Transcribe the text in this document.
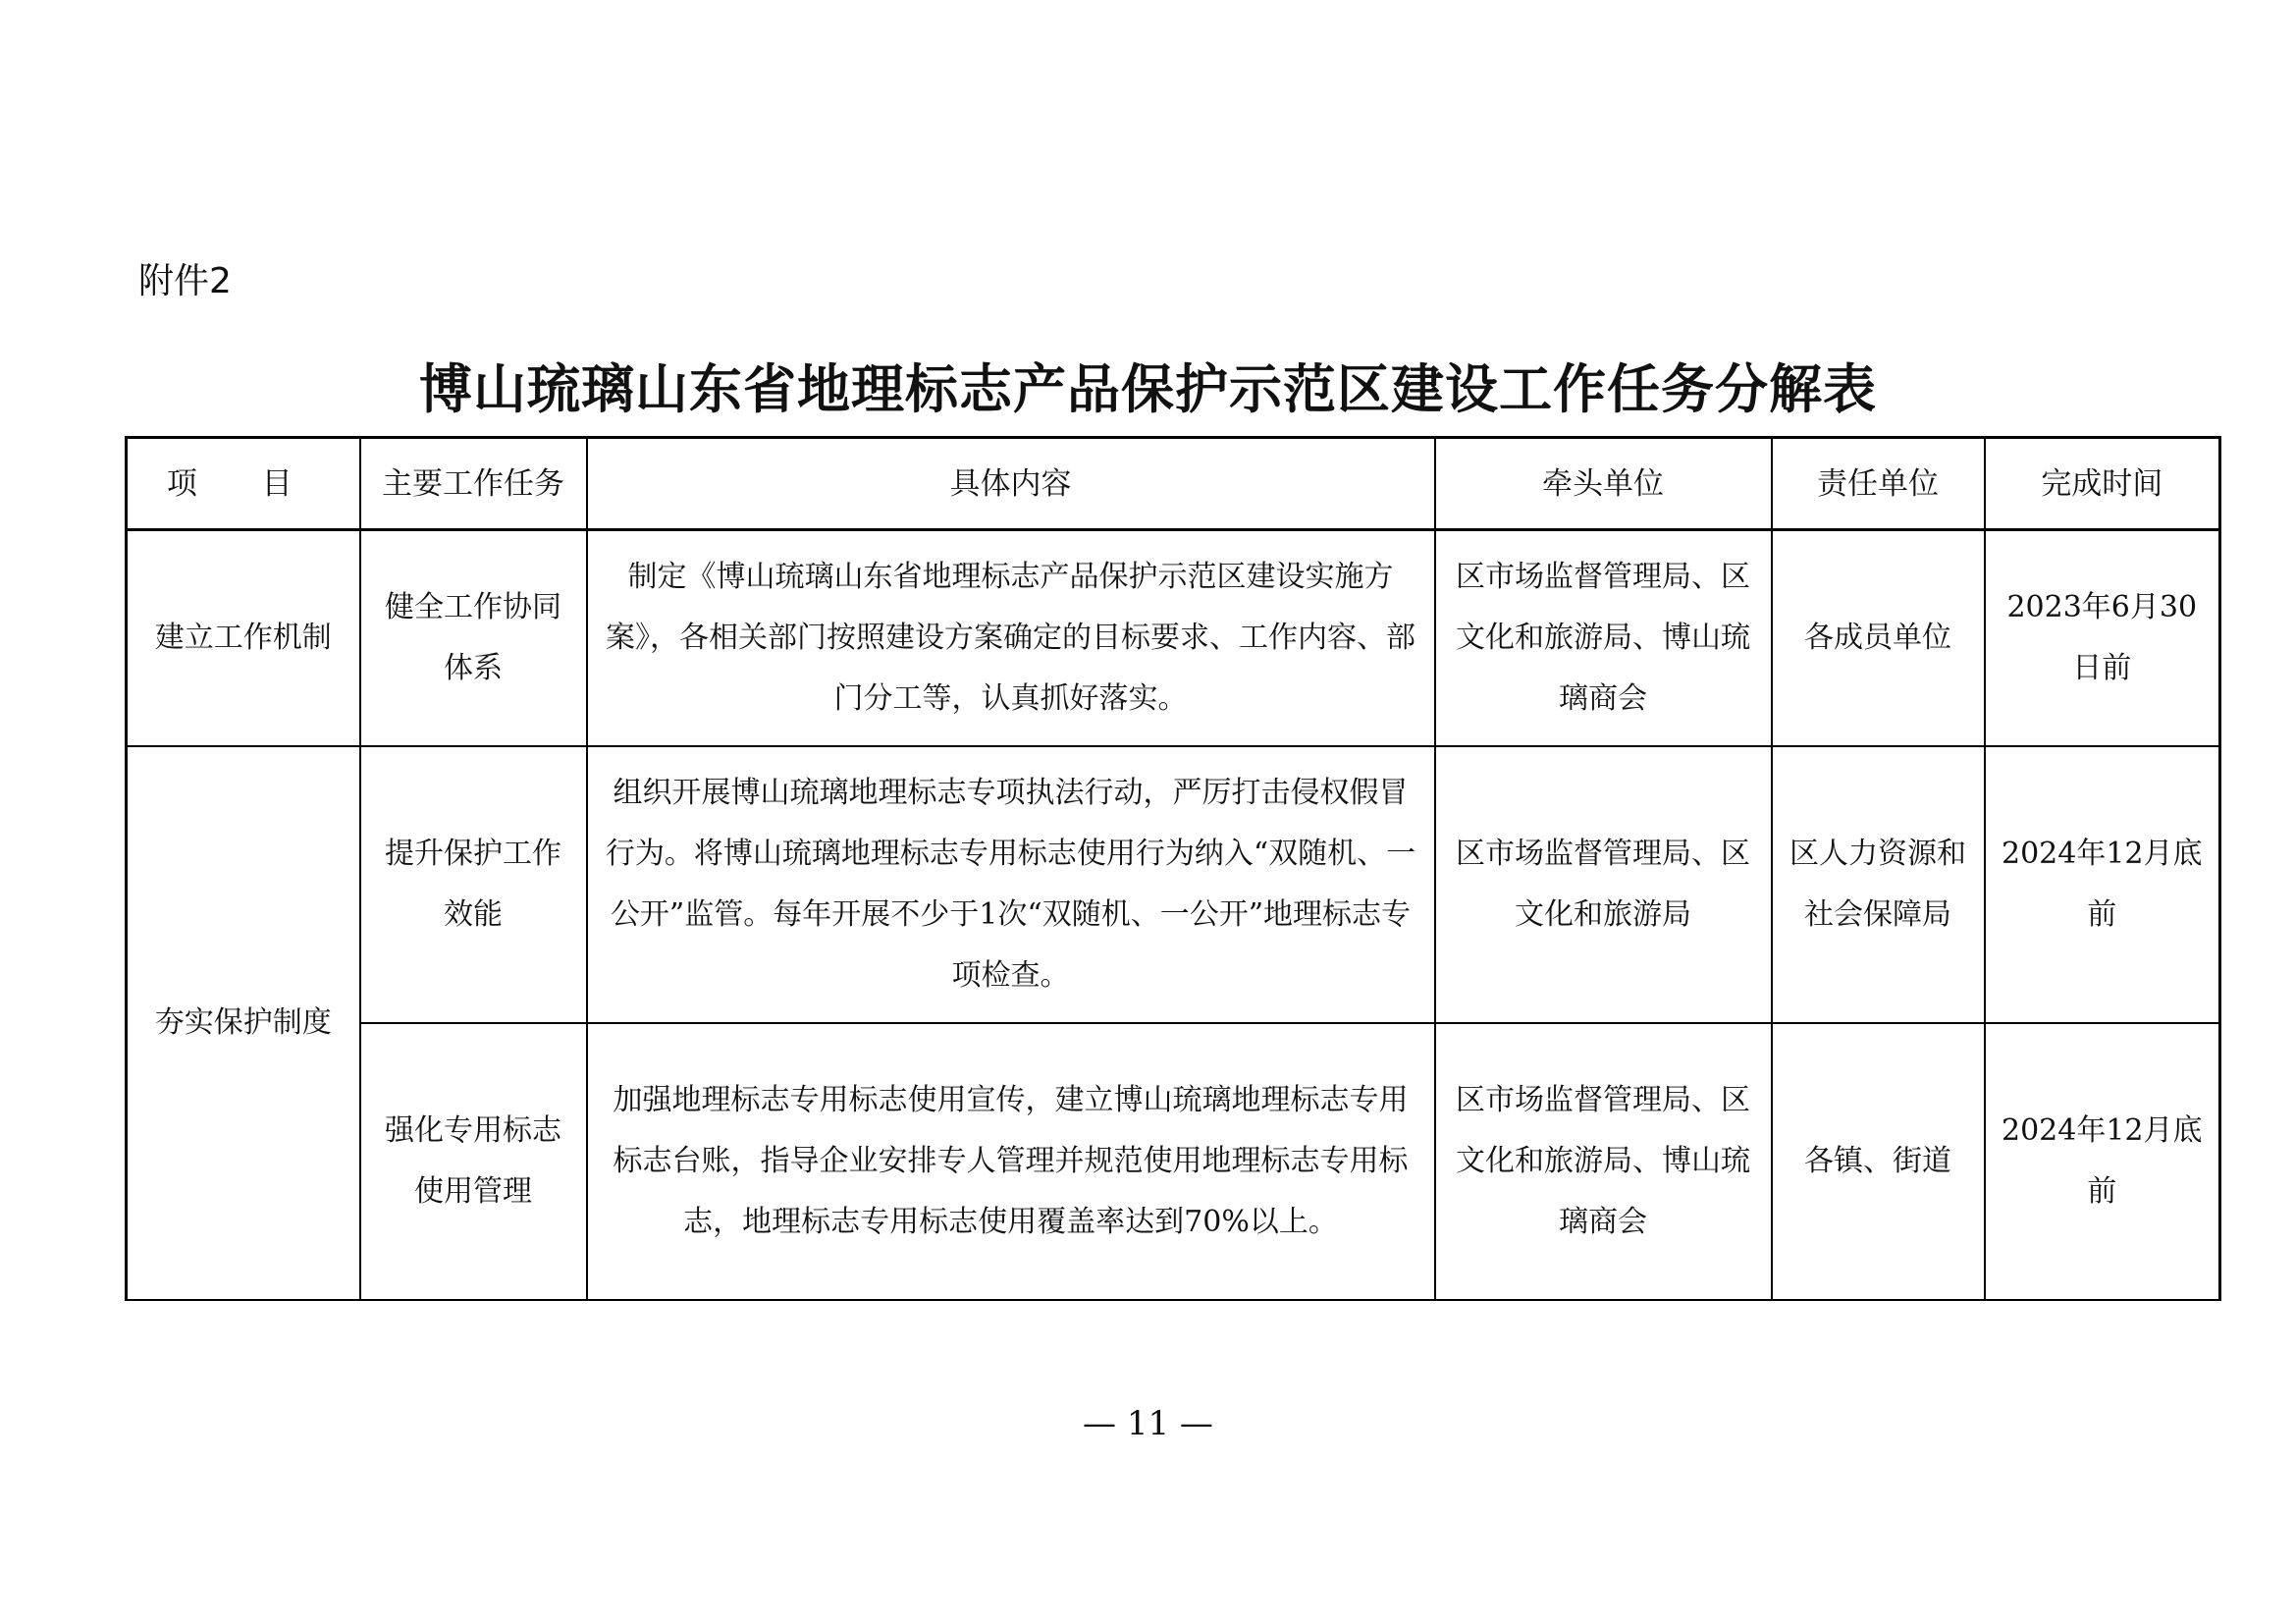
附件2
博山琉璃山东省地理标志产品保护示范区建设工作任务分解表
项 目	主要工作任务	具体内容	牵头单位	责任单位	完成时间
建立工作机制	健全工作协同体系	制定《博山琉璃山东省地理标志产品保护示范区建设实施方案》，各相关部门按照建设方案确定的目标要求、工作内容、部门分工等，认真抓好落实。	区市场监督管理局、区文化和旅游局、博山琉璃商会	各成员单位	2023年6月30日前
夯实保护制度	提升保护工作效能	组织开展博山琉璃地理标志专项执法行动，严厉打击侵权假冒行为。将博山琉璃地理标志专用标志使用行为纳入“双随机、一公开”监管。每年开展不少于1次“双随机、一公开”地理标志专项检查。	区市场监督管理局、区文化和旅游局	区人力资源和社会保障局	2024年12月底前
	强化专用标志使用管理	加强地理标志专用标志使用宣传，建立博山琉璃地理标志专用标志台账，指导企业安排专人管理并规范使用地理标志专用标志，地理标志专用标志使用覆盖率达到70%以上。	区市场监督管理局、区文化和旅游局、博山琉璃商会	各镇、街道	2024年12月底前
— 11 —
